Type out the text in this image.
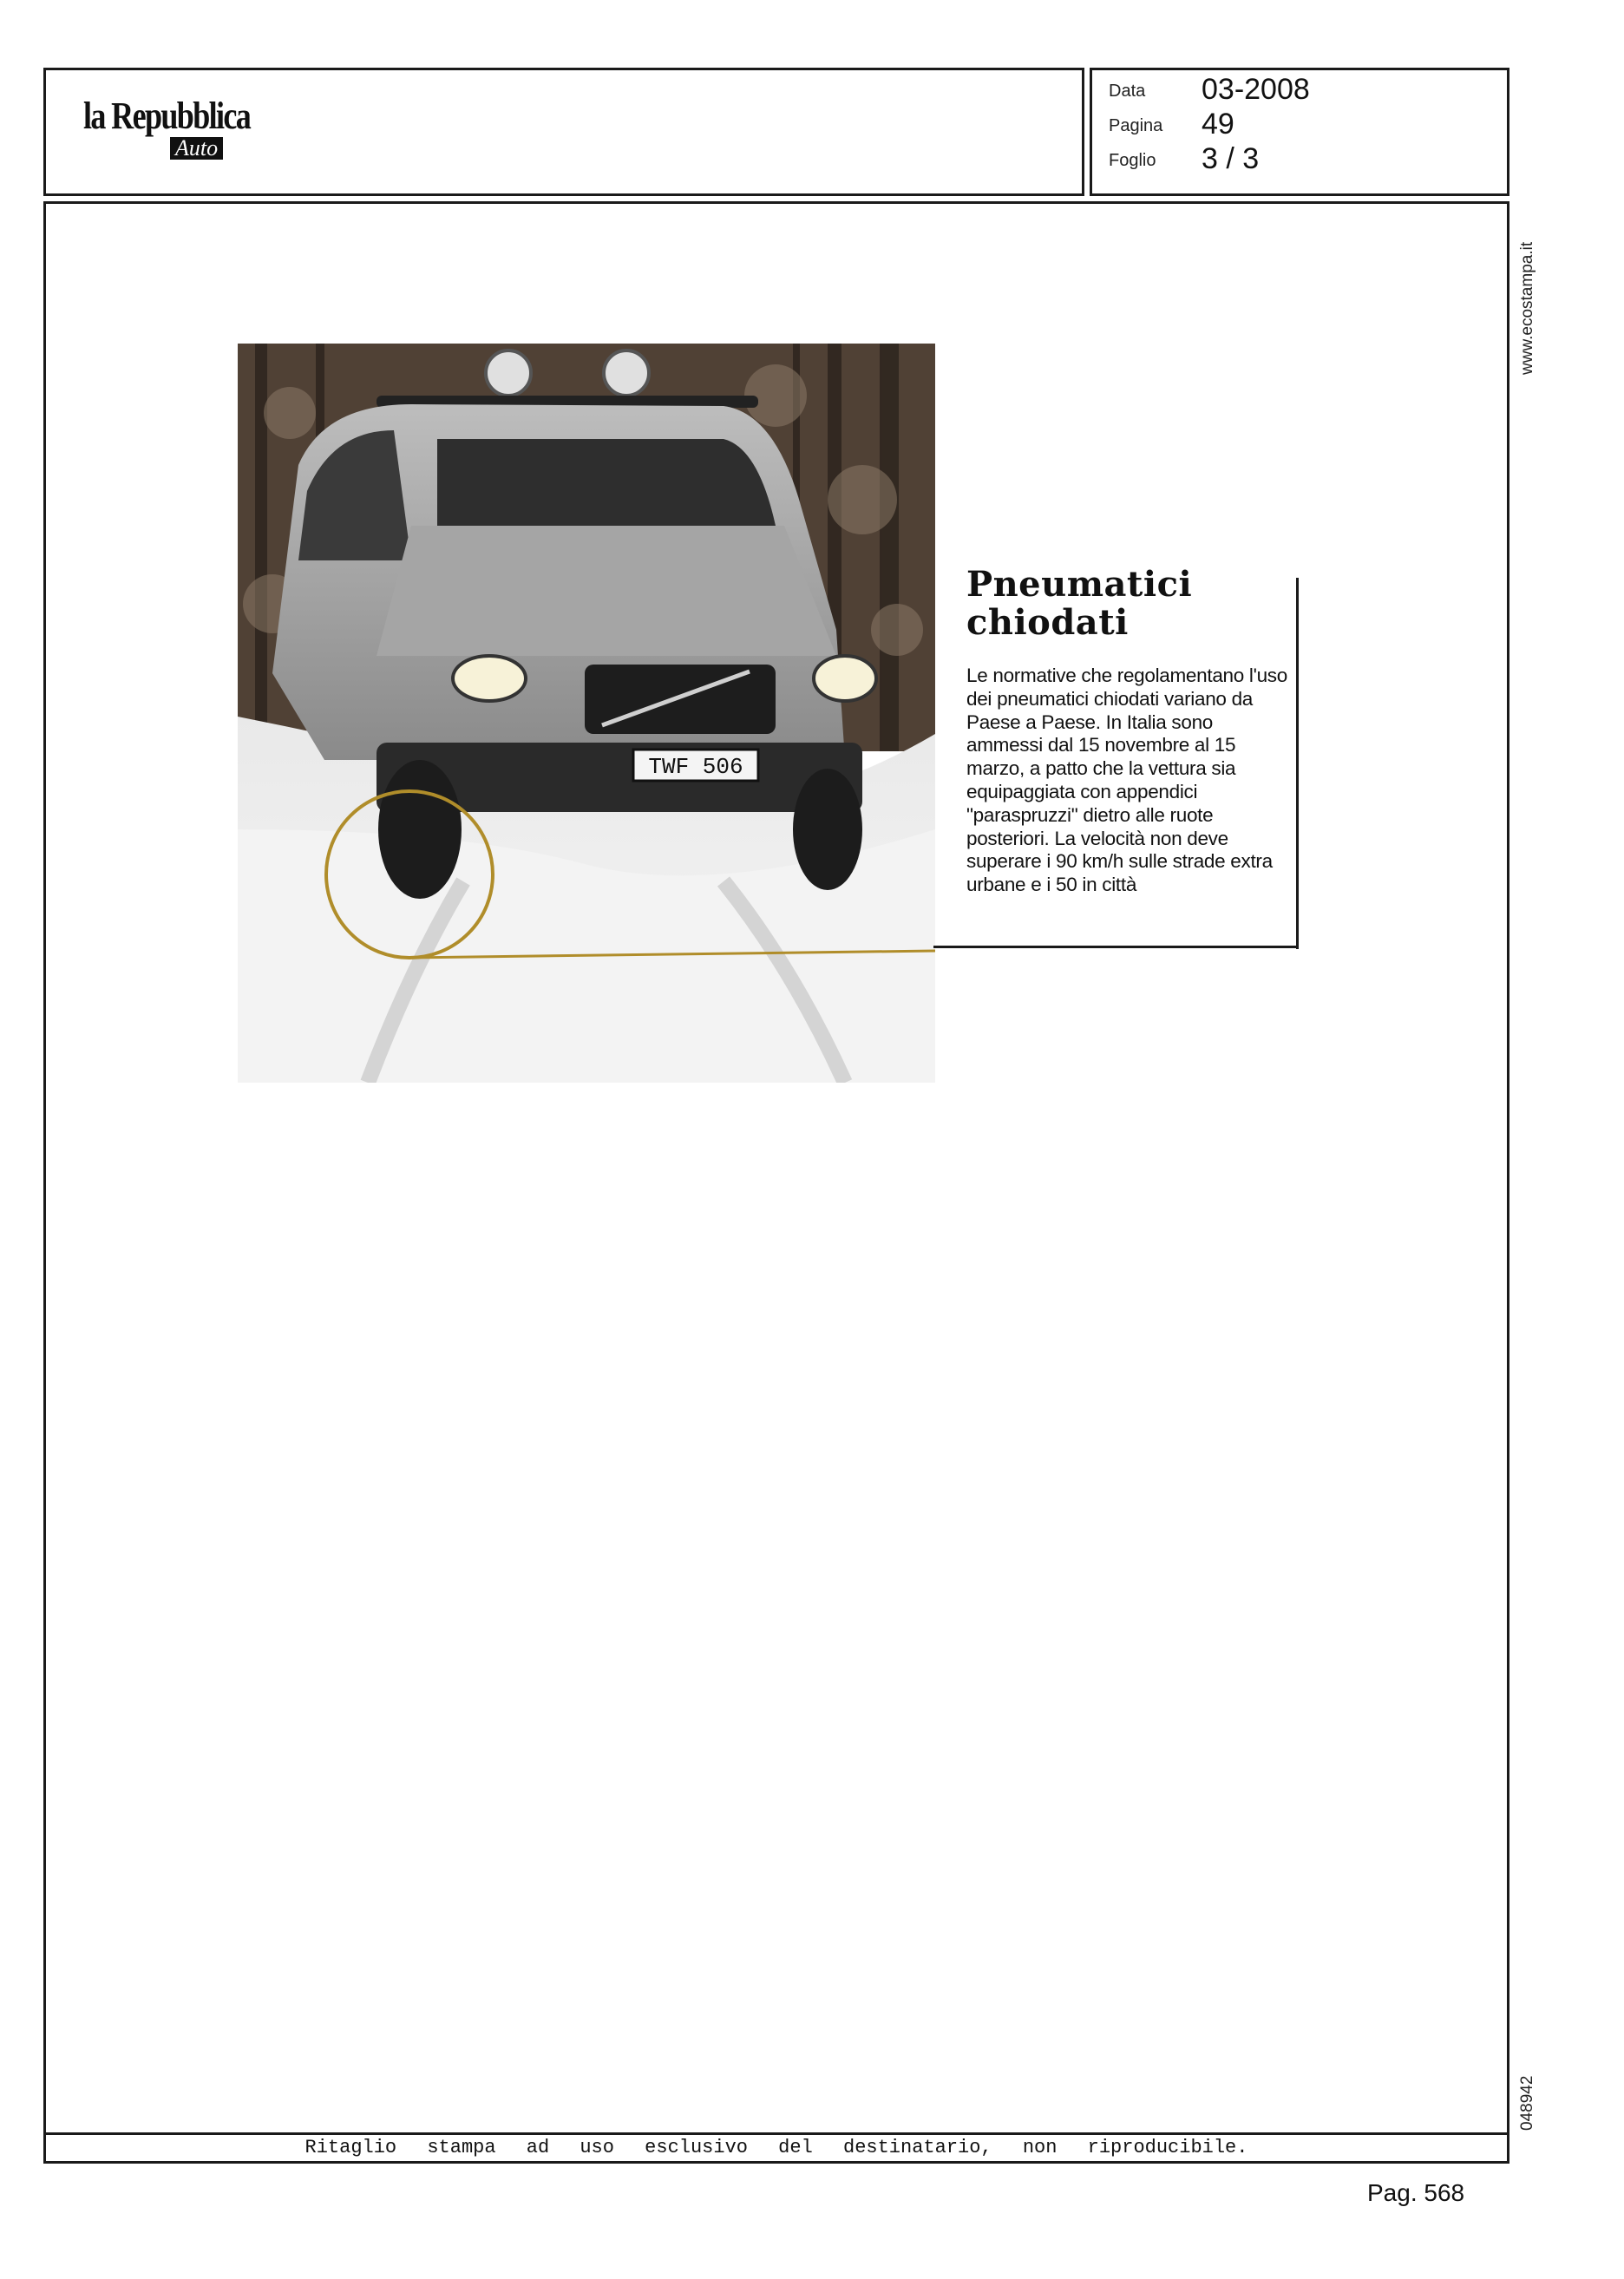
la Repubblica
Auto
Data 03-2008
Pagina 49
Foglio 3 / 3
www.ecostampa.it
048942
TWF 506
Pneumatici chiodati
Le normative che regolamentano l'uso dei pneumatici chiodati variano da Paese a Paese. In Italia sono ammessi dal 15 novembre al 15 marzo, a patto che la vettura sia equipaggiata con appendici "paraspruzzi" dietro alle ruote posteriori. La velocità non deve superare i 90 km/h sulle strade extra urbane e i 50 in città
Ritaglio stampa ad uso esclusivo del destinatario, non riproducibile.
Pag. 568
